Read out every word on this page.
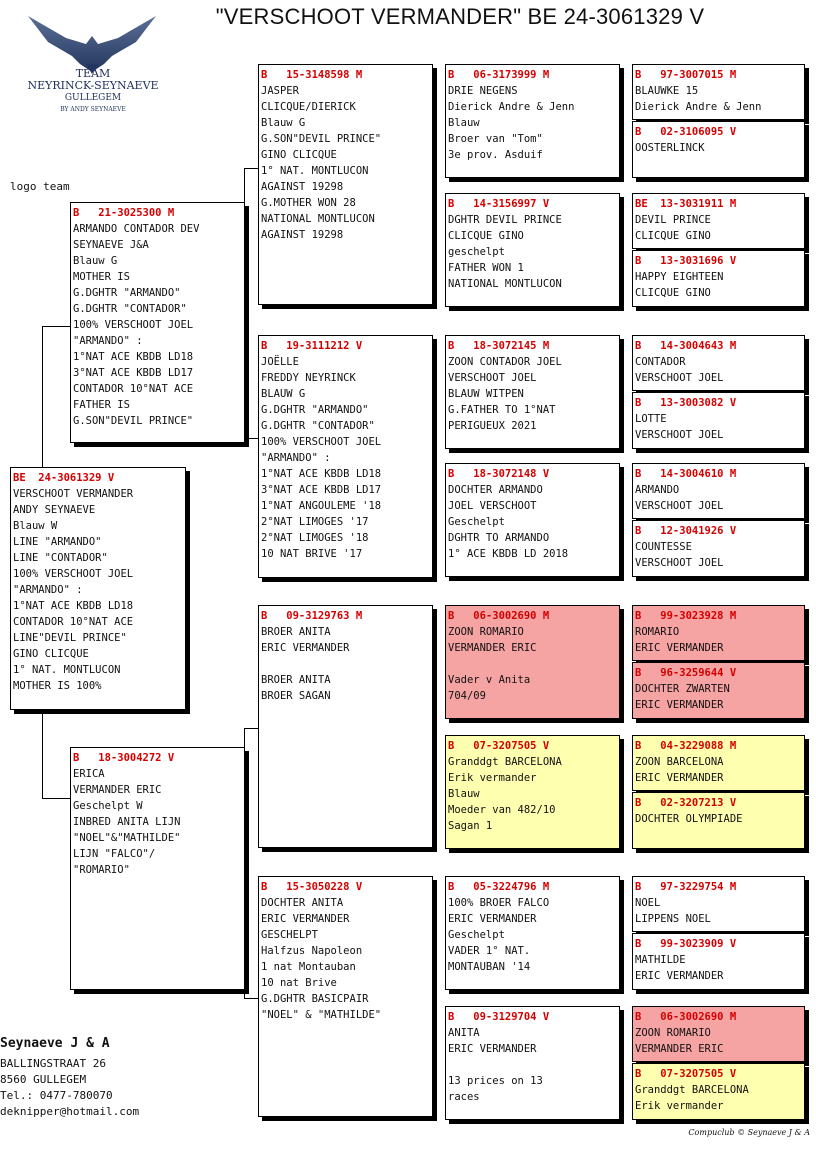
"VERSCHOOT VERMANDER" BE 24-3061329 V
TEAM
NEYRINCK-SEYNAEVE
GULLEGEM
BY ANDY SEYNAEVE
logo team
BE  24-3061329 V
VERSCHOOT VERMANDER
ANDY SEYNAEVE
Blauw W
LINE "ARMANDO"
LINE "CONTADOR"
100% VERSCHOOT JOEL
"ARMANDO" :
1°NAT ACE KBDB LD18
CONTADOR 10°NAT ACE
LINE"DEVIL PRINCE"
GINO CLICQUE
1° NAT. MONTLUCON
MOTHER IS 100%
B   21-3025300 M
ARMANDO CONTADOR DEV
SEYNAEVE J&A
Blauw G
MOTHER IS
G.DGHTR "ARMANDO"
G.DGHTR "CONTADOR"
100% VERSCHOOT JOEL
"ARMANDO" :
1°NAT ACE KBDB LD18
3°NAT ACE KBDB LD17
CONTADOR 10°NAT ACE
FATHER IS
G.SON"DEVIL PRINCE"
B   18-3004272 V
ERICA
VERMANDER ERIC
Geschelpt W
INBRED ANITA LIJN
"NOEL"&"MATHILDE"
LIJN "FALCO"/
"ROMARIO"
B   15-3148598 M
JASPER
CLICQUE/DIERICK
Blauw G
G.SON"DEVIL PRINCE"
GINO CLICQUE
1° NAT. MONTLUCON
AGAINST 19298
G.MOTHER WON 28
NATIONAL MONTLUCON
AGAINST 19298
B   19-3111212 V
JOËLLE
FREDDY NEYRINCK
BLAUW G
G.DGHTR "ARMANDO"
G.DGHTR "CONTADOR"
100% VERSCHOOT JOEL
"ARMANDO" :
1°NAT ACE KBDB LD18
3°NAT ACE KBDB LD17
1°NAT ANGOULEME '18
2°NAT LIMOGES '17
2°NAT LIMOGES '18
10 NAT BRIVE '17
B   09-3129763 M
BROER ANITA
ERIC VERMANDER

BROER ANITA
BROER SAGAN
B   15-3050228 V
DOCHTER ANITA
ERIC VERMANDER
GESCHELPT
Halfzus Napoleon
1 nat Montauban
10 nat Brive
G.DGHTR BASICPAIR
"NOEL" & "MATHILDE"
B   06-3173999 M
DRIE NEGENS
Dierick Andre & Jenn
Blauw
Broer van "Tom"
3e prov. Asduif
B   14-3156997 V
DGHTR DEVIL PRINCE
CLICQUE GINO
geschelpt
FATHER WON 1
NATIONAL MONTLUCON
B   18-3072145 M
ZOON CONTADOR JOEL
VERSCHOOT JOEL
BLAUW WITPEN
G.FATHER TO 1°NAT
PERIGUEUX 2021
B   18-3072148 V
DOCHTER ARMANDO
JOEL VERSCHOOT
Geschelpt
DGHTR TO ARMANDO
1° ACE KBDB LD 2018
B   06-3002690 M
ZOON ROMARIO
VERMANDER ERIC

Vader v Anita
704/09
B   07-3207505 V
Granddgt BARCELONA
Erik vermander
Blauw
Moeder van 482/10
Sagan 1
B   05-3224796 M
100% BROER FALCO
ERIC VERMANDER
Geschelpt
VADER 1° NAT.
MONTAUBAN '14
B   09-3129704 V
ANITA
ERIC VERMANDER

13 prices on 13
races
B   97-3007015 M
BLAUWKE 15
Dierick Andre & Jenn
B   02-3106095 V
OOSTERLINCK
BE  13-3031911 M
DEVIL PRINCE
CLICQUE GINO
B   13-3031696 V
HAPPY EIGHTEEN
CLICQUE GINO
B   14-3004643 M
CONTADOR
VERSCHOOT JOEL
B   13-3003082 V
LOTTE
VERSCHOOT JOEL
B   14-3004610 M
ARMANDO
VERSCHOOT JOEL
B   12-3041926 V
COUNTESSE
VERSCHOOT JOEL
B   99-3023928 M
ROMARIO
ERIC VERMANDER
B   96-3259644 V
DOCHTER ZWARTEN
ERIC VERMANDER
B   04-3229088 M
ZOON BARCELONA
ERIC VERMANDER
B   02-3207213 V
DOCHTER OLYMPIADE
B   97-3229754 M
NOEL
LIPPENS NOEL
B   99-3023909 V
MATHILDE
ERIC VERMANDER
B   06-3002690 M
ZOON ROMARIO
VERMANDER ERIC
B   07-3207505 V
Granddgt BARCELONA
Erik vermander
Seynaeve J & A
BALLINGSTRAAT 26
8560 GULLEGEM
Tel.: 0477-780070
deknipper@hotmail.com
Compuclub © Seynaeve J & A
